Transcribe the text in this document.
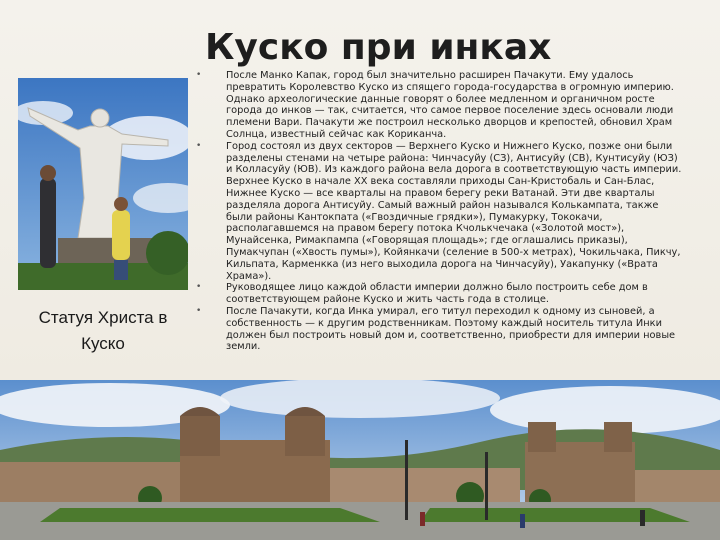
Куско при инках
Статуя Христа в Куско
•	После Манко Капак, город был значительно расширен Пачакути. Ему удалось превратить Королевство Куско из спящего города-государства в огромную империю. Однако археологические данные говорят о более медленном и органичном росте города до инков — так, считается, что самое первое поселение здесь основали люди племени Вари. Пачакути же построил несколько дворцов и крепостей, обновил Храм Солнца, известный сейчас как Кориканча.
•	Город состоял из двух секторов — Верхнего Куско и Нижнего Куско, позже они были разделены стенами на четыре района: Чинчасуйу (СЗ), Антисуйу (СВ), Кунтисуйу (ЮЗ) и Колласуйу (ЮВ). Из каждого района вела дорога в соответствующую часть империи. Верхнее Куско в начале XX века составляли приходы Сан-Кристобаль и Сан-Блас, Нижнее Куско — все кварталы на правом берегу реки Ватанай. Эти две кварталы разделяла дорога Антисуйу. Самый важный район назывался Колькампата, также были районы Кантокпата («Гвоздичные грядки»), Пумакурку, Тококачи, располагавшемся на правом берегу потока Кчолькчечака («Золотой мост»), Мунайсенка, Римакпампа («Говорящая площадь»; где оглашались приказы), Пумакчупан («Хвость пумы»), Койянкачи (селение в 500-х метрах), Чокильчака, Пикчу, Кильпата, Карменкка (из него выходила дорога на Чинчасуйу), Уакапунку («Врата Храма»).
•	Руководящее лицо каждой области империи должно было построить себе дом в соответствующем районе Куско и жить часть года в столице.
•	После Пачакути, когда Инка умирал, его титул переходил к одному из сыновей, а собственность — к другим родственникам. Поэтому каждый носитель титула Инки должен был построить новый дом и, соответственно, приобрести для империи новые земли.
